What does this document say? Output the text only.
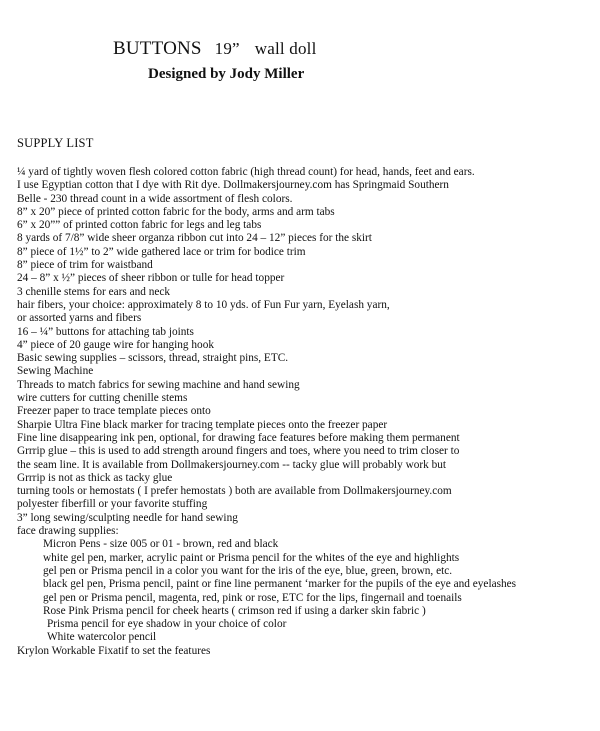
BUTTONS 19” wall doll
Designed by Jody Miller
SUPPLY LIST
¼ yard of tightly woven flesh colored cotton fabric (high thread count) for head, hands, feet and ears.
I use Egyptian cotton that I dye with Rit dye. Dollmakersjourney.com has Springmaid Southern
Belle - 230 thread count in a wide assortment of flesh colors.
8” x 20” piece of printed cotton fabric for the body, arms and arm tabs
6” x 20”” of printed cotton fabric for legs and leg tabs
8 yards of 7/8” wide sheer organza ribbon cut into 24 – 12” pieces for the skirt
8” piece of 1½” to 2” wide gathered lace or trim for bodice trim
8” piece of trim for waistband
24 – 8” x ½” pieces of sheer ribbon or tulle for head topper
3 chenille stems for ears and neck
hair fibers, your choice: approximately 8 to 10 yds. of Fun Fur yarn, Eyelash yarn,
or assorted yarns and fibers
16 – ¼” buttons for attaching tab joints
4” piece of 20 gauge wire for hanging hook
Basic sewing supplies – scissors, thread, straight pins, ETC.
Sewing Machine
Threads to match fabrics for sewing machine and hand sewing
wire cutters for cutting chenille stems
Freezer paper to trace template pieces onto
Sharpie Ultra Fine black marker for tracing template pieces onto the freezer paper
Fine line disappearing ink pen, optional, for drawing face features before making them permanent
Grrrip glue – this is used to add strength around fingers and toes, where you need to trim closer to
the seam line. It is available from Dollmakersjourney.com -- tacky glue will probably work but
Grrrip is not as thick as tacky glue
turning tools or hemostats ( I prefer hemostats ) both are available from Dollmakersjourney.com
polyester fiberfill or your favorite stuffing
3” long sewing/sculpting needle for hand sewing
face drawing supplies:
Micron Pens - size 005 or 01 - brown, red and black
white gel pen, marker, acrylic paint or Prisma pencil for the whites of the eye and highlights
gel pen or Prisma pencil in a color you want for the iris of the eye, blue, green, brown, etc.
black gel pen, Prisma pencil, paint or fine line permanent ‘marker for the pupils of the eye and eyelashes
gel pen or Prisma pencil, magenta, red, pink or rose, ETC for the lips, fingernail and toenails
Rose Pink Prisma pencil for cheek hearts ( crimson red if using a darker skin fabric )
Prisma pencil for eye shadow in your choice of color
White watercolor pencil
Krylon Workable Fixatif to set the features
